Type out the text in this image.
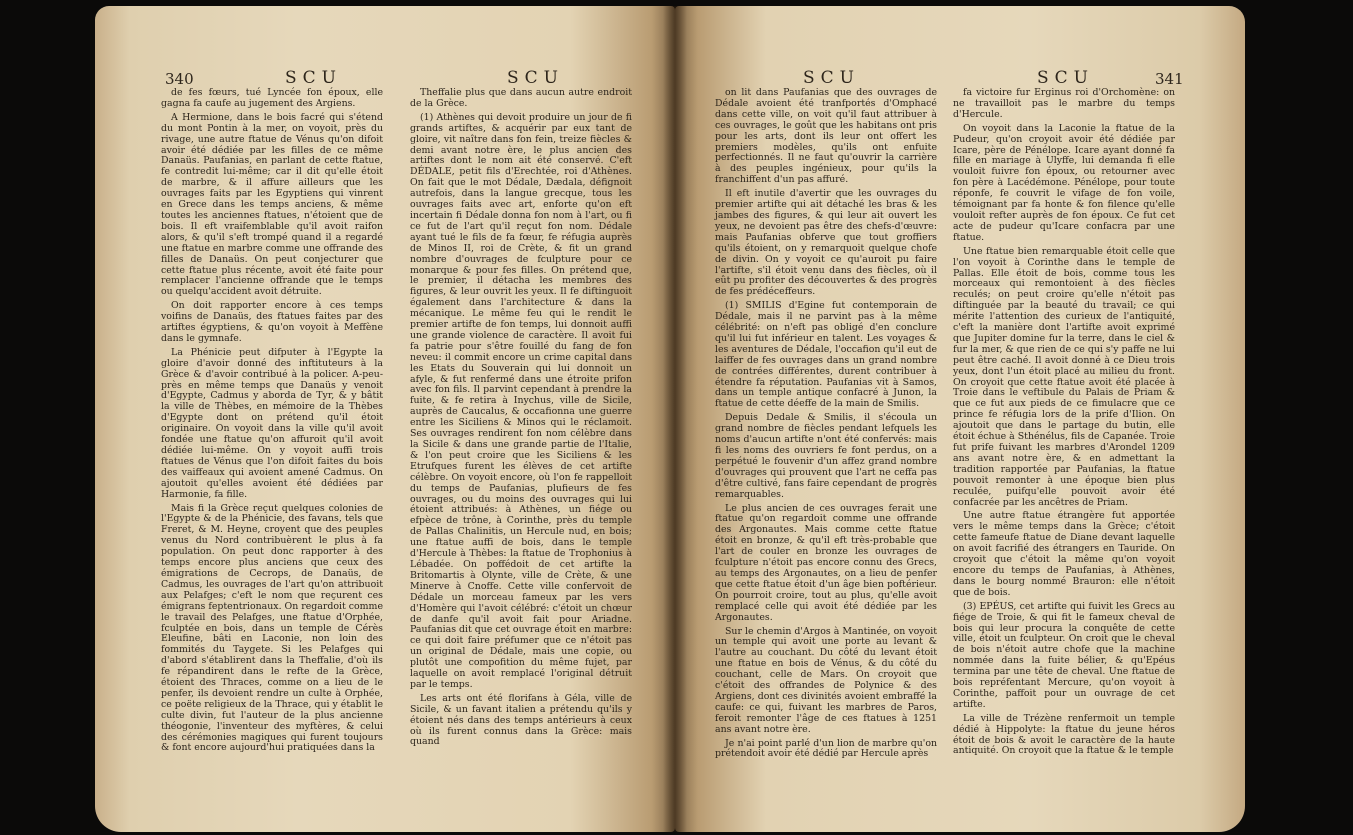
340	SCU	SCU

de fes fœurs, tué Lyncée fon époux, elle gagna fa caufe au jugement des Argiens.

A Hermione, dans le bois facré qui s'étend du mont Pontin à la mer, on voyoit, près du rivage, une autre ftatue de Vénus qu'on difoit avoir été dédiée par les filles de ce même Danaüs. Paufanias, en parlant de cette ftatue, fe contredit lui-même; car il dit qu'elle étoit de marbre, & il affure ailleurs que les ouvrages faits par les Egyptiens qui vinrent en Grece dans les temps anciens, & même toutes les anciennes ftatues, n'étoient que de bois. Il eft vraifemblable qu'il avoit raifon alors, & qu'il s'eft trompé quand il a regardé une ftatue en marbre comme une offrande des filles de Danaüs. On peut conjecturer que cette ftatue plus récente, avoit été faite pour remplacer l'ancienne offrande que le temps ou quelqu'accident avoit détruite.

On doit rapporter encore à ces temps voifins de Danaüs, des ftatues faites par des artiftes égyptiens, & qu'on voyoit à Meffène dans le gymnafe.

La Phénicie peut difputer à l'Egypte la gloire d'avoir donné des inftituteurs à la Grèce & d'avoir contribué à la policer. A-peu-près en même temps que Danaüs y venoit d'Egypte, Cadmus y aborda de Tyr, & y bâtit la ville de Thèbes, en mémoire de la Thèbes d'Egypte dont on prétend qu'il étoit originaire. On voyoit dans la ville qu'il avoit fondée une ftatue qu'on affuroit qu'il avoit dédiée lui-même. On y voyoit auffi trois ftatues de Vénus que l'on difoit faites du bois des vaiffeaux qui avoient amené Cadmus. On ajoutoit qu'elles avoient été dédiées par Harmonie, fa fille.

Mais fi la Grèce reçut quelques colonies de l'Egypte & de la Phénicie, des favans, tels que Freret, & M. Heyne, croyent que des peuples venus du Nord contribuèrent le plus à fa population. On peut donc rapporter à des temps encore plus anciens que ceux des émigrations de Cecrops, de Danaüs, de Cadmus, les ouvrages de l'art qu'on attribuoit aux Pelafges; c'eft le nom que reçurent ces émigrans feptentrionaux. On regardoit comme le travail des Pelafges, une ftatue d'Orphée, fculptée en bois, dans un temple de Cérès Eleufine, bâti en Laconie, non loin des fommités du Taygete. Si les Pelafges qui d'abord s'établirent dans la Theffalie, d'où ils fe répandirent dans le refte de la Grèce, étoient des Thraces, comme on a lieu de le penfer, ils devoient rendre un culte à Orphée, ce poëte religieux de la Thrace, qui y établit le culte divin, fut l'auteur de la plus ancienne théogonie, l'inventeur des myftères, & celui des cérémonies magiques qui furent toujours & font encore aujourd'hui pratiquées dans la

Theffalie plus que dans aucun autre endroit de la Grèce.

(1) Athènes qui devoit produire un jour de fi grands artiftes, & acquérir par eux tant de gloire, vit naître dans fon fein, treize fiècles & demi avant notre ère, le plus ancien des artiftes dont le nom ait été conservé. C'eft DÉDALE, petit fils d'Erechtée, roi d'Athènes. On fait que le mot Dédale, Dædala, défignoit autrefois, dans la langue grecque, tous les ouvrages faits avec art, enforte qu'on eft incertain fi Dédale donna fon nom à l'art, ou fi ce fut de l'art qu'il reçut fon nom. Dédale ayant tué le fils de fa fœur, fe réfugia auprès de Minos II, roi de Crète, & fit un grand nombre d'ouvrages de fculpture pour ce monarque & pour fes filles. On prétend que, le premier, il détacha les membres des figures, & leur ouvrit les yeux. Il fe diftinguoit également dans l'architecture & dans la mécanique. Le même feu qui le rendit le premier artifte de fon temps, lui donnoit auffi une grande violence de caractère. Il avoit fui fa patrie pour s'être fouillé du fang de fon neveu: il commit encore un crime capital dans les Etats du Souverain qui lui donnoit un afyle, & fut renfermé dans une étroite prifon avec fon fils. Il parvint cependant à prendre la fuite, & fe retira à Inychus, ville de Sicile, auprès de Caucalus, & occafionna une guerre entre les Siciliens & Minos qui le réclamoit. Ses ouvrages rendirent fon nom célèbre dans la Sicile & dans une grande partie de l'Italie, & l'on peut croire que les Siciliens & les Etrufques furent les élèves de cet artifte célèbre. On voyoit encore, où l'on fe rappelloit du temps de Paufanias, plufieurs de fes ouvrages, ou du moins des ouvrages qui lui étoient attribués: à Athènes, un fiége ou efpèce de trône, à Corinthe, près du temple de Pallas Chalinitis, un Hercule nud, en bois; une ftatue auffi de bois, dans le temple d'Hercule à Thèbes: la ftatue de Trophonius à Lébadée. On poffédoit de cet artifte la Britomartis à Olynte, ville de Crète, & une Minerve à Cnoffe. Cette ville confervoit de Dédale un morceau fameux par les vers d'Homère qui l'avoit célébré: c'étoit un chœur de danfe qu'il avoit fait pour Ariadne. Paufanias dit que cet ouvrage étoit en marbre: ce qui doit faire préfumer que ce n'étoit pas un original de Dédale, mais une copie, ou plutôt une compofition du même fujet, par laquelle on avoit remplacé l'original détruit par le temps.

Les arts ont été florifans à Géla, ville de Sicile, & un favant italien a prétendu qu'ils y étoient nés dans des temps antérieurs à ceux où ils furent connus dans la Grèce: mais quand

SCU	SCU	341

on lit dans Paufanias que des ouvrages de Dédale avoient été tranfportés d'Omphacé dans cette ville, on voit qu'il faut attribuer à ces ouvrages, le goût que les habitans ont pris pour les arts, dont ils leur ont offert les premiers modèles, qu'ils ont enfuite perfectionnés. Il ne faut qu'ouvrir la carrière à des peuples ingénieux, pour qu'ils la franchiffent d'un pas affuré.

Il eft inutile d'avertir que les ouvrages du premier artifte qui ait détaché les bras & les jambes des figures, & qui leur ait ouvert les yeux, ne devoient pas être des chefs-d'œuvre: mais Paufanias obferve que tout groffiers qu'ils étoient, on y remarquoit quelque chofe de divin. On y voyoit ce qu'auroit pu faire l'artifte, s'il étoit venu dans des fiècles, où il eût pu profiter des découvertes & des progrès de fes prédéceffeurs.

(1) SMILIS d'Egine fut contemporain de Dédale, mais il ne parvint pas à la même célébrité: on n'eft pas obligé d'en conclure qu'il lui fut inférieur en talent. Les voyages & les aventures de Dédale, l'occafion qu'il eut de laiffer de fes ouvrages dans un grand nombre de contrées différentes, durent contribuer à étendre fa réputation. Paufanias vit à Samos, dans un temple antique confacré à Junon, la ftatue de cette déeffe de la main de Smilis.

Depuis Dedale & Smilis, il s'écoula un grand nombre de fiècles pendant lefquels les noms d'aucun artifte n'ont été confervés: mais fi les noms des ouvriers fe font perdus, on a perpétué le fouvenir d'un affez grand nombre d'ouvrages qui prouvent que l'art ne ceffa pas d'être cultivé, fans faire cependant de progrès remarquables.

Le plus ancien de ces ouvrages ferait une ftatue qu'on regardoit comme une offrande des Argonautes. Mais comme cette ftatue étoit en bronze, & qu'il eft très-probable que l'art de couler en bronze les ouvrages de fculpture n'étoit pas encore connu des Grecs, au temps des Argonautes, on a lieu de penfer que cette ftatue étoit d'un âge bien poftérieur. On pourroit croire, tout au plus, qu'elle avoit remplacé celle qui avoit été dédiée par les Argonautes.

Sur le chemin d'Argos à Mantinée, on voyoit un temple qui avoit une porte au levant & l'autre au couchant. Du côté du levant étoit une ftatue en bois de Vénus, & du côté du couchant, celle de Mars. On croyoit que c'étoit des offrandes de Polynice & des Argiens, dont ces divinités avoient embraffé la caufe: ce qui, fuivant les marbres de Paros, feroit remonter l'âge de ces ftatues à 1251 ans avant notre ère.

Je n'ai point parlé d'un lion de marbre qu'on prétendoit avoir été dédié par Hercule après

fa victoire fur Erginus roi d'Orchomène: on ne travailloit pas le marbre du temps d'Hercule.

On voyoit dans la Laconie la ftatue de la Pudeur, qu'on croyoit avoir été dédiée par Icare, père de Pénélope. Icare ayant donné fa fille en mariage à Ulyffe, lui demanda fi elle vouloit fuivre fon époux, ou retourner avec fon père à Lacédémone. Pénélope, pour toute réponfe, fe couvrit le vifage de fon voile, témoignant par fa honte & fon filence qu'elle vouloit refter auprès de fon époux. Ce fut cet acte de pudeur qu'Icare confacra par une ftatue.

Une ftatue bien remarquable étoit celle que l'on voyoit à Corinthe dans le temple de Pallas. Elle étoit de bois, comme tous les morceaux qui remontoient à des fiècles reculés; on peut croire qu'elle n'étoit pas diftinguée par la beauté du travail; ce qui mérite l'attention des curieux de l'antiquité, c'eft la manière dont l'artifte avoit exprimé que Jupiter domine fur la terre, dans le ciel & fur la mer, & que rien de ce qui s'y paffe ne lui peut être caché. Il avoit donné à ce Dieu trois yeux, dont l'un étoit placé au milieu du front. On croyoit que cette ftatue avoit été placée à Troie dans le veftibule du Palais de Priam & que ce fut aux pieds de ce fimulacre que ce prince fe réfugia lors de la prife d'Ilion. On ajoutoit que dans le partage du butin, elle étoit échue à Sthénélus, fils de Capanée. Troie fut prife fuivant les marbres d'Arondel 1209 ans avant notre ère, & en admettant la tradition rapportée par Paufanias, la ftatue pouvoit remonter à une époque bien plus reculée, puifqu'elle pouvoit avoir été confacrée par les ancêtres de Priam.

Une autre ftatue étrangère fut apportée vers le même temps dans la Grèce; c'étoit cette fameufe ftatue de Diane devant laquelle on avoit facrifié des étrangers en Tauride. On croyoit que c'étoit la même qu'on voyoit encore du temps de Paufanias, à Athènes, dans le bourg nommé Brauron: elle n'étoit que de bois.

(3) EPÉUS, cet artifte qui fuivit les Grecs au fiége de Troie, & qui fit le fameux cheval de bois qui leur procura la conquête de cette ville, étoit un fculpteur. On croit que le cheval de bois n'étoit autre chofe que la machine nommée dans la fuite bélier, & qu'Epéus termina par une tête de cheval. Une ftatue de bois repréfentant Mercure, qu'on voyoit à Corinthe, paffoit pour un ouvrage de cet artifte.

La ville de Trézène renfermoit un temple dédié à Hippolyte: la ftatue du jeune héros étoit de bois & avoit le caractère de la haute antiquité. On croyoit que la ftatue & le temple
